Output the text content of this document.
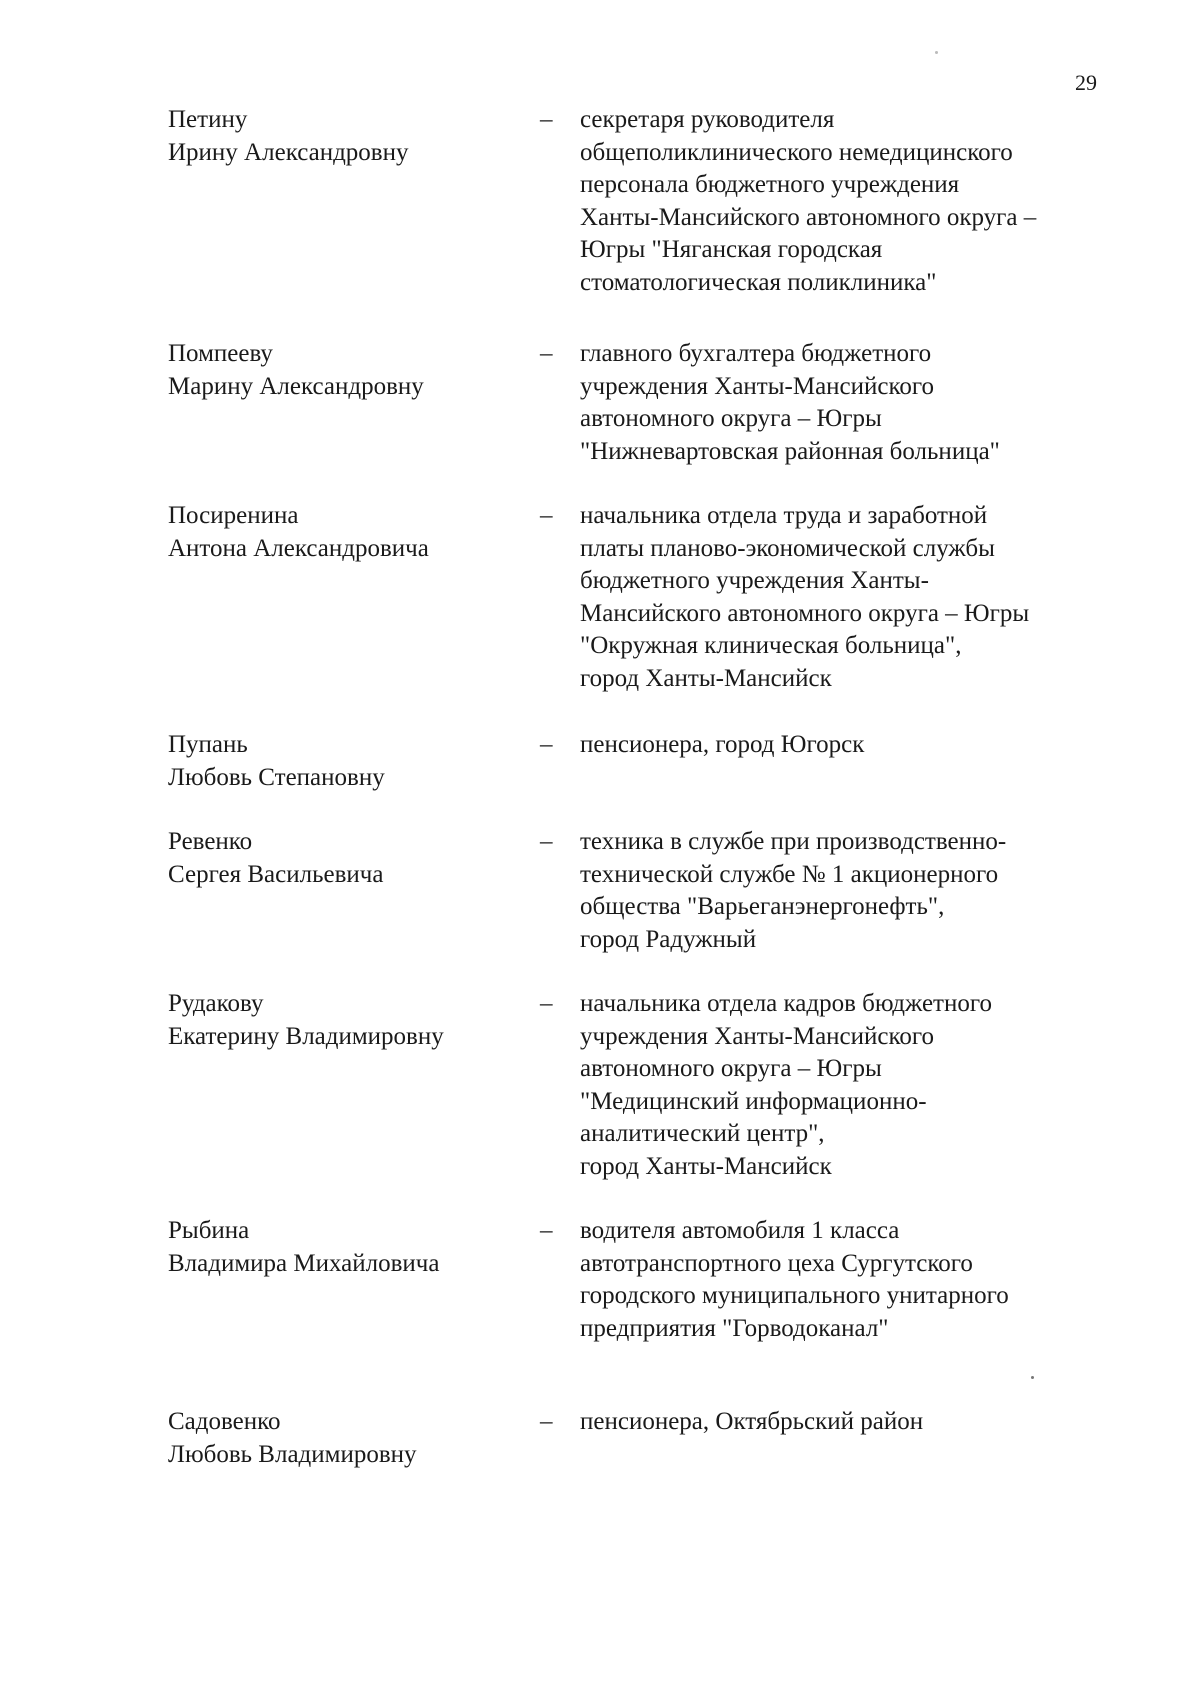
29
Петину
Ирину Александровну
– секретаря руководителя
общеполиклинического немедицинского
персонала бюджетного учреждения
Ханты-Мансийского автономного округа –
Югры "Няганская городская
стоматологическая поликлиника"
Помпееву
Марину Александровну
– главного бухгалтера бюджетного
учреждения Ханты-Мансийского
автономного округа – Югры
"Нижневартовская районная больница"
Посиренина
Антона Александровича
– начальника отдела труда и заработной
платы планово-экономической службы
бюджетного учреждения Ханты-
Мансийского автономного округа – Югры
"Окружная клиническая больница",
город Ханты-Мансийск
Пупань
Любовь Степановну
– пенсионера, город Югорск
Ревенко
Сергея Васильевича
– техника в службе при производственно-
технической службе № 1 акционерного
общества "Варьеганэнергонефть",
город Радужный
Рудакову
Екатерину Владимировну
– начальника отдела кадров бюджетного
учреждения Ханты-Мансийского
автономного округа – Югры
"Медицинский информационно-
аналитический центр",
город Ханты-Мансийск
Рыбина
Владимира Михайловича
– водителя автомобиля 1 класса
автотранспортного цеха Сургутского
городского муниципального унитарного
предприятия "Горводоканал"
Садовенко
Любовь Владимировну
– пенсионера, Октябрьский район
